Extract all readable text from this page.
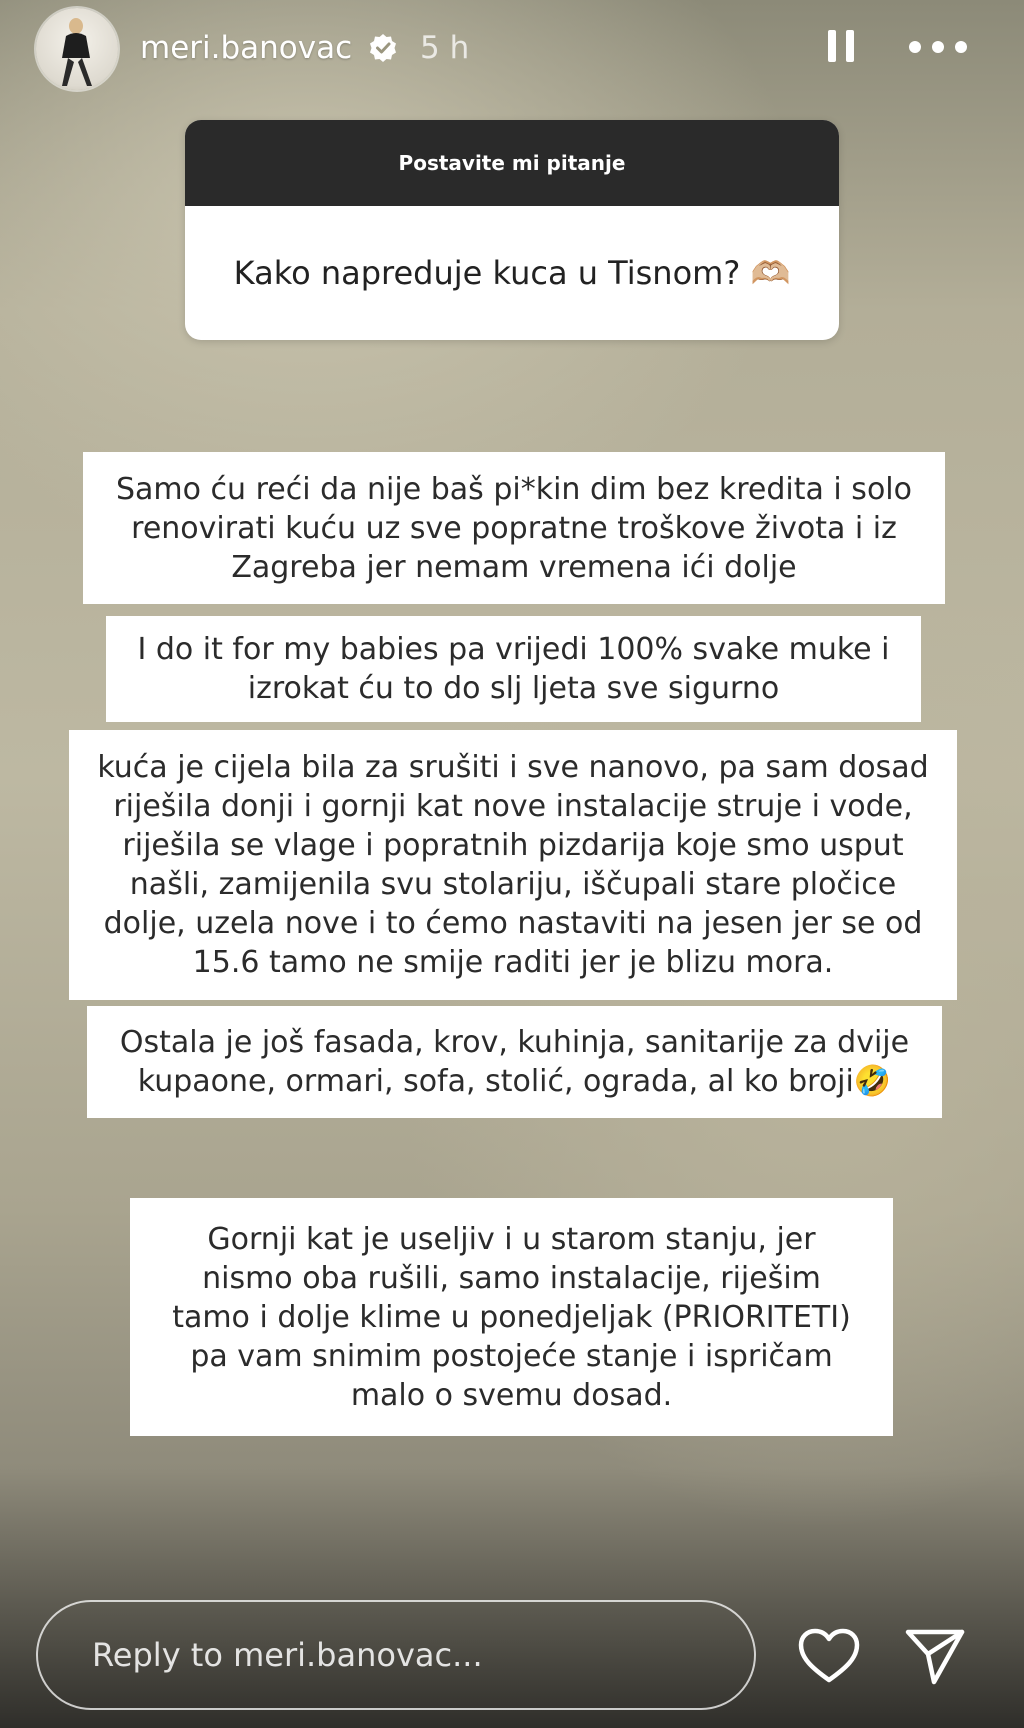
meri.banovac 5 h
Postavite mi pitanje
Kako napreduje kuca u Tisnom? 🫶🏼
Samo ću reći da nije baš pi*kin dim bez kredita i solo
renovirati kuću uz sve popratne troškove života i iz
Zagreba jer nemam vremena ići dolje
I do it for my babies pa vrijedi 100% svake muke i
izrokat ću to do slj ljeta sve sigurno
kuća je cijela bila za srušiti i sve nanovo, pa sam dosad
riješila donji i gornji kat nove instalacije struje i vode,
riješila se vlage i popratnih pizdarija koje smo usput
našli, zamijenila svu stolariju, iščupali stare pločice
dolje, uzela nove i to ćemo nastaviti na jesen jer se od
15.6 tamo ne smije raditi jer je blizu mora.
Ostala je još fasada, krov, kuhinja, sanitarije za dvije
kupaone, ormari, sofa, stolić, ograda, al ko broji🤣
Gornji kat je useljiv i u starom stanju, jer
nismo oba rušili, samo instalacije, riješim
tamo i dolje klime u ponedjeljak (PRIORITETI)
pa vam snimim postojeće stanje i ispričam
malo o svemu dosad.
Reply to meri.banovac...
